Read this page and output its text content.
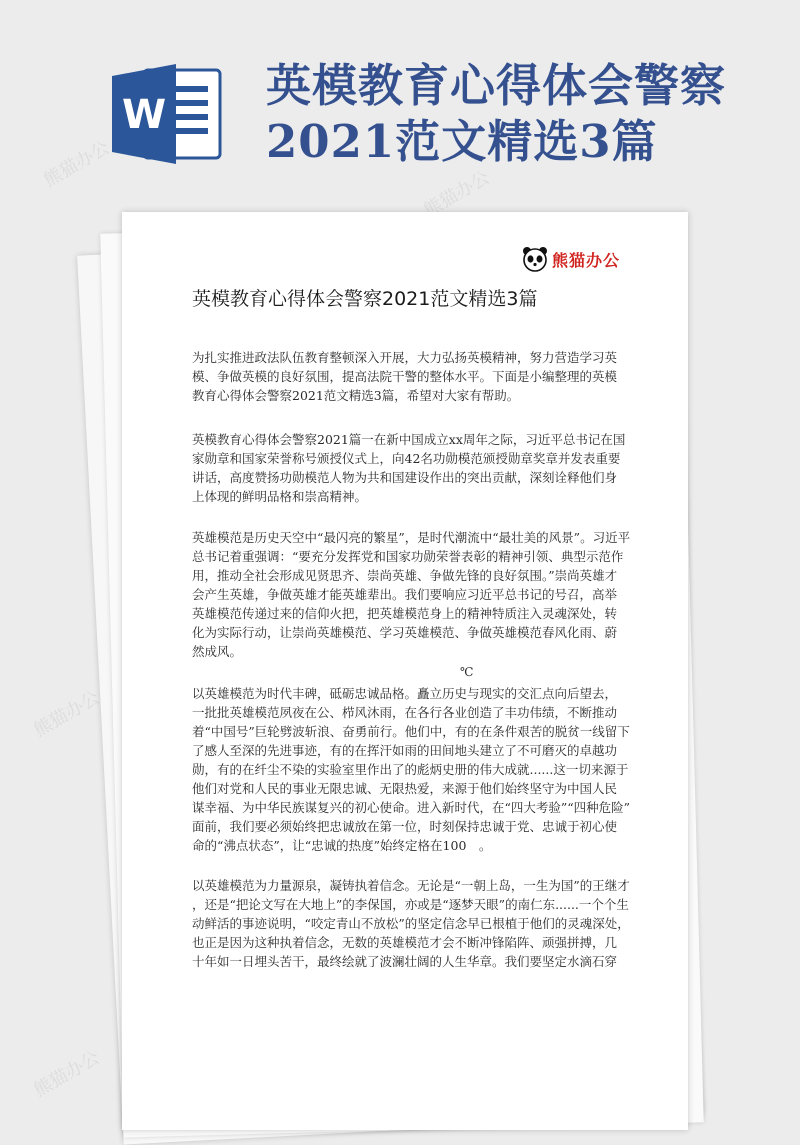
熊猫办公
熊猫办公
熊猫办公
熊猫办公
W
英模教育心得体会警察
2021范文精选3篇
熊猫办公
英模教育心得体会警察2021范文精选3篇
为扎实推进政法队伍教育整顿深入开展，大力弘扬英模精神，努力营造学习英
模、争做英模的良好氛围，提高法院干警的整体水平。下面是小编整理的英模
教育心得体会警察2021范文精选3篇，希望对大家有帮助。
英模教育心得体会警察2021篇一在新中国成立xx周年之际，习近平总书记在国
家勋章和国家荣誉称号颁授仪式上，向42名功勋模范颁授勋章奖章并发表重要
讲话，高度赞扬功勋模范人物为共和国建设作出的突出贡献，深刻诠释他们身
上体现的鲜明品格和崇高精神。
英雄模范是历史天空中“最闪亮的繁星”，是时代潮流中“最壮美的风景”。习近平
总书记着重强调：“要充分发挥党和国家功勋荣誉表彰的精神引领、典型示范作
用，推动全社会形成见贤思齐、崇尚英雄、争做先锋的良好氛围。”崇尚英雄才
会产生英雄，争做英雄才能英雄辈出。我们要响应习近平总书记的号召，高举
英雄模范传递过来的信仰火把，把英雄模范身上的精神特质注入灵魂深处，转
化为实际行动，让崇尚英雄模范、学习英雄模范、争做英雄模范春风化雨、蔚
然成风。
℃
以英雄模范为时代丰碑，砥砺忠诚品格。矗立历史与现实的交汇点向后望去，
一批批英雄模范夙夜在公、栉风沐雨，在各行各业创造了丰功伟绩，不断推动
着“中国号”巨轮劈波斩浪、奋勇前行。他们中，有的在条件艰苦的脱贫一线留下
了感人至深的先进事迹，有的在挥汗如雨的田间地头建立了不可磨灭的卓越功
勋，有的在纤尘不染的实验室里作出了的彪炳史册的伟大成就......这一切来源于
他们对党和人民的事业无限忠诚、无限热爱，来源于他们始终坚守为中国人民
谋幸福、为中华民族谋复兴的初心使命。进入新时代，在“四大考验”“四种危险”
面前，我们要必须始终把忠诚放在第一位，时刻保持忠诚于党、忠诚于初心使
命的“沸点状态”，让“忠诚的热度”始终定格在100　。
以英雄模范为力量源泉，凝铸执着信念。无论是“一朝上岛，一生为国”的王继才
，还是“把论文写在大地上”的李保国，亦或是“逐梦天眼”的南仁东......一个个生
动鲜活的事迹说明，“咬定青山不放松”的坚定信念早已根植于他们的灵魂深处，
也正是因为这种执着信念，无数的英雄模范才会不断冲锋陷阵、顽强拼搏，几
十年如一日埋头苦干，最终绘就了波澜壮阔的人生华章。我们要坚定水滴石穿
